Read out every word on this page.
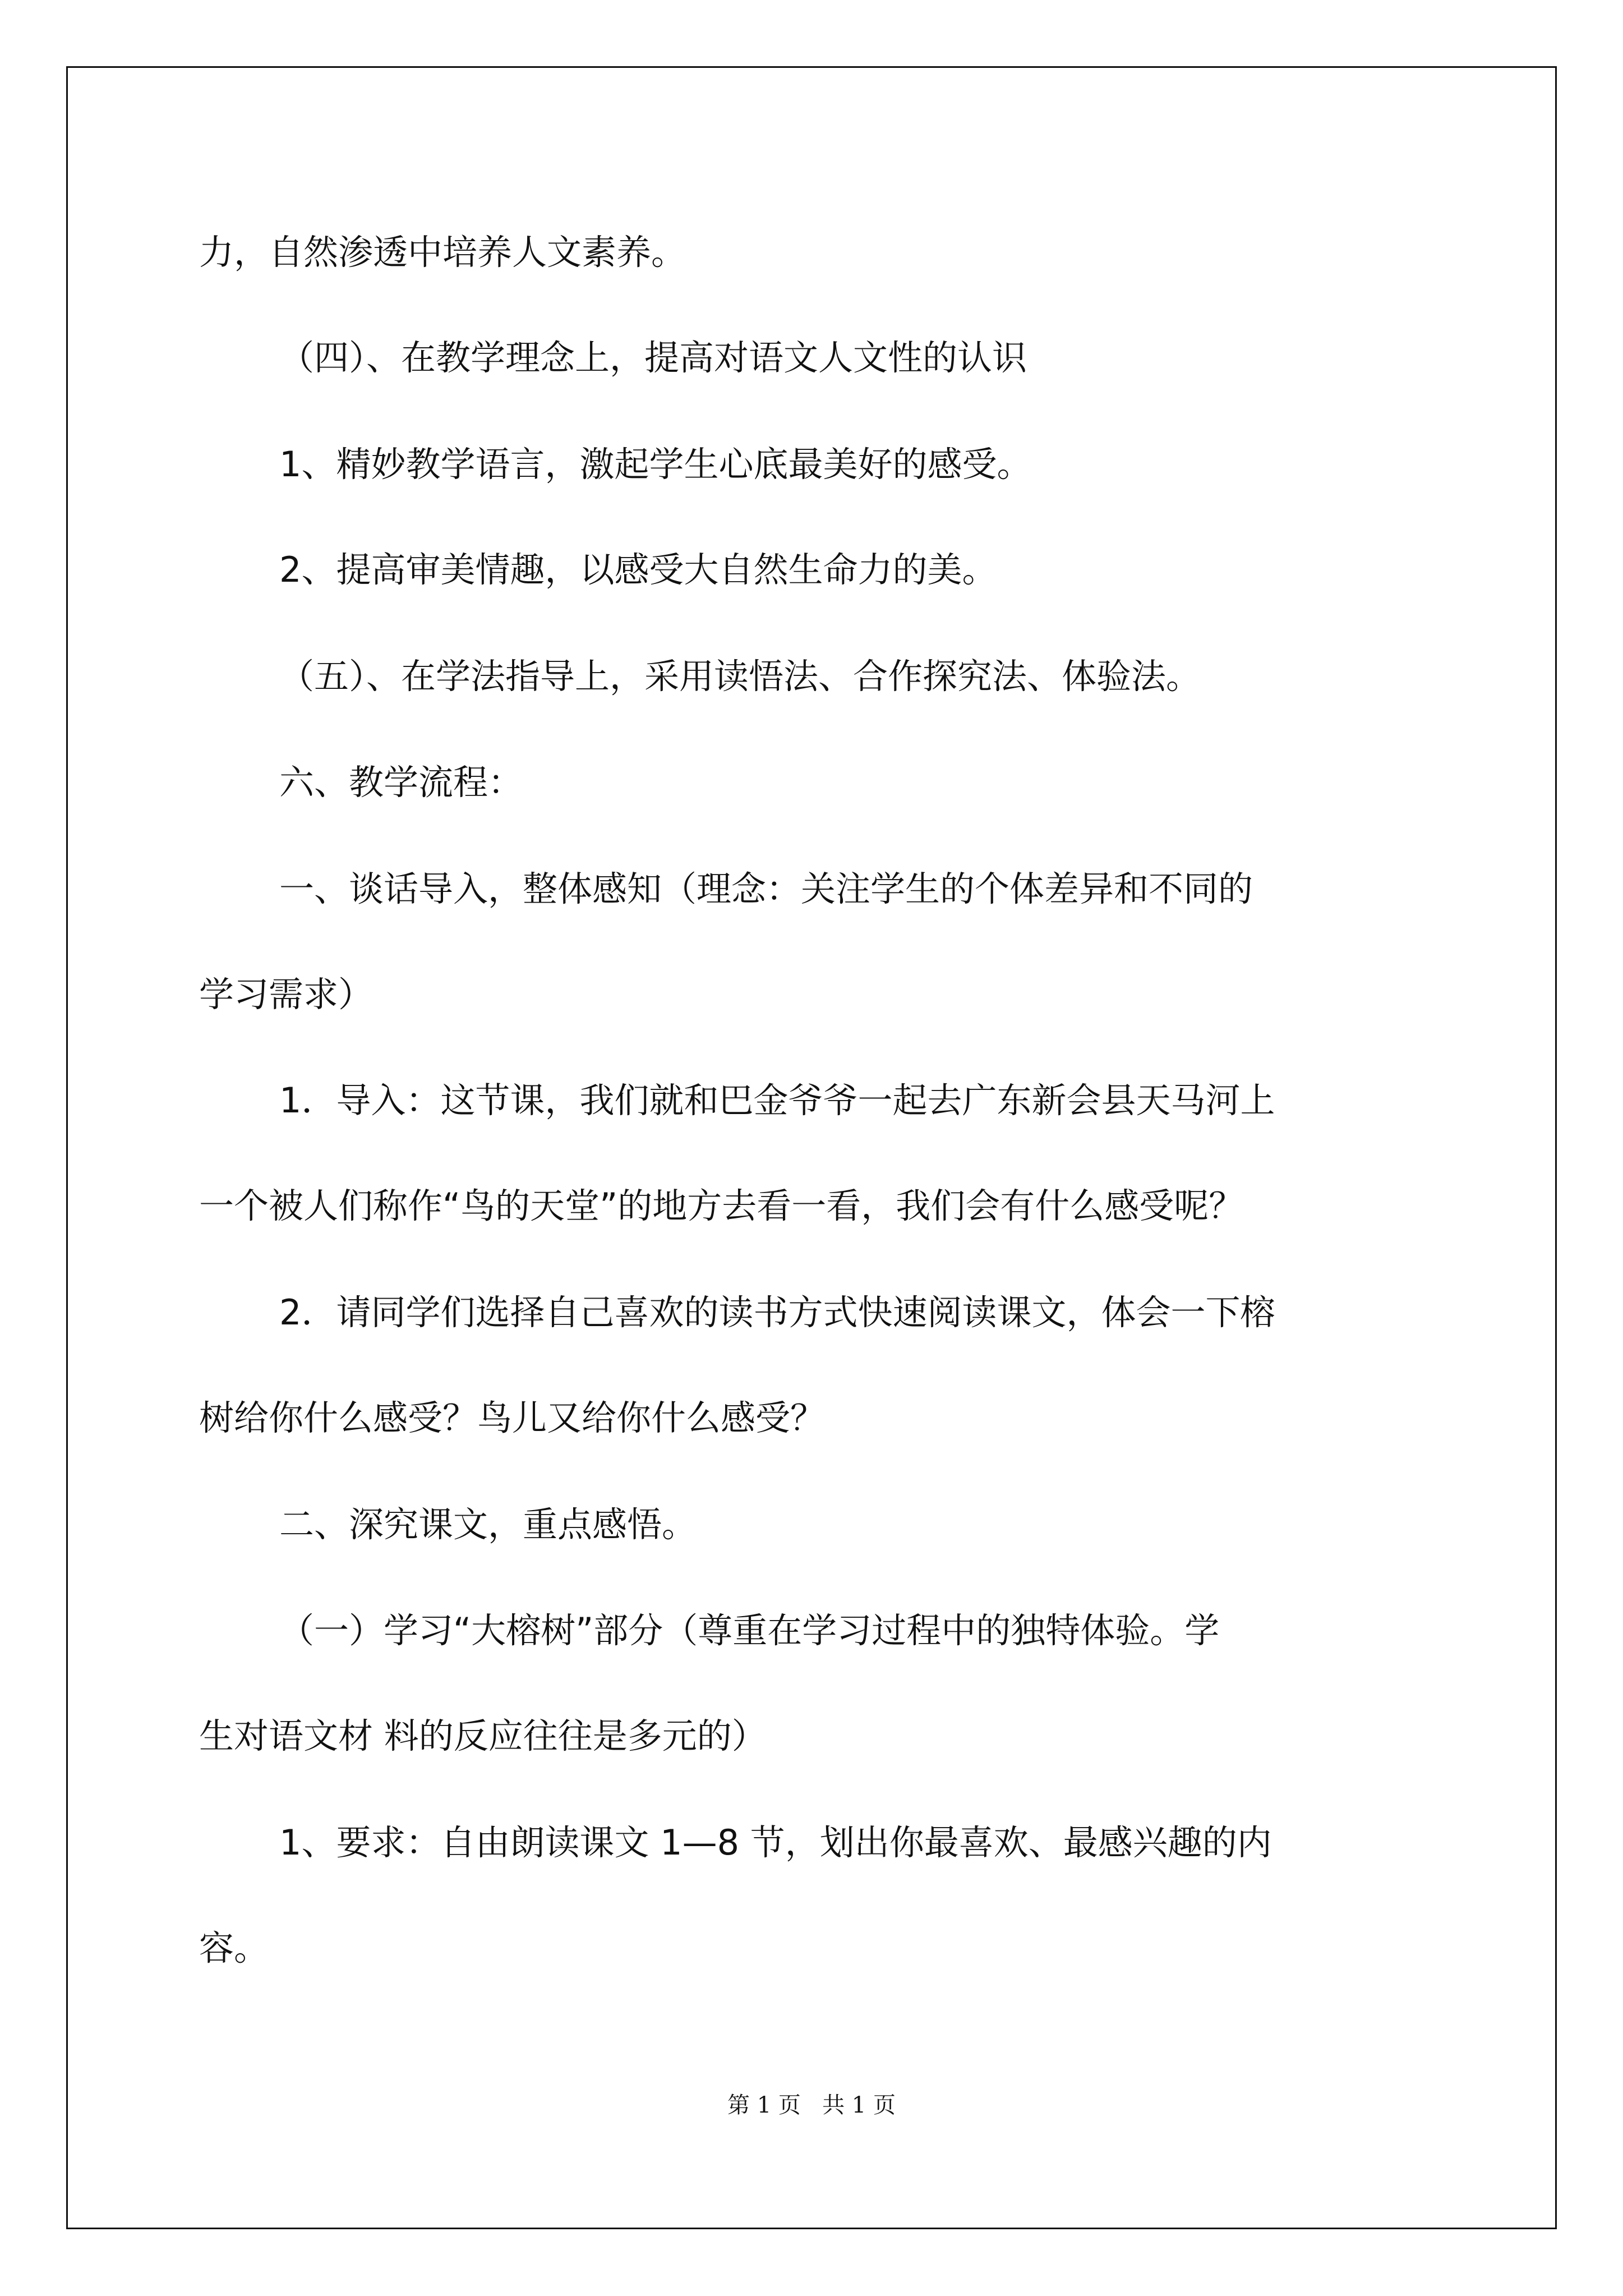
力，自然渗透中培养人文素养。
（四）、在教学理念上，提高对语文人文性的认识
1、精妙教学语言，激起学生心底最美好的感受。
2、提高审美情趣，以感受大自然生命力的美。
（五）、在学法指导上，采用读悟法、合作探究法、体验法。
六、教学流程：
一、谈话导入，整体感知（理念：关注学生的个体差异和不同的
学习需求）
1．导入：这节课，我们就和巴金爷爷一起去广东新会县天马河上
一个被人们称作“鸟的天堂”的地方去看一看，我们会有什么感受呢？
2．请同学们选择自己喜欢的读书方式快速阅读课文，体会一下榕
树给你什么感受？鸟儿又给你什么感受？
二、深究课文，重点感悟。
（一）学习“大榕树”部分（尊重在学习过程中的独特体验。学
生对语文材 料的反应往往是多元的）
1、要求：自由朗读课文 1—8 节，划出你最喜欢、最感兴趣的内
容。
第 1 页   共 1 页
